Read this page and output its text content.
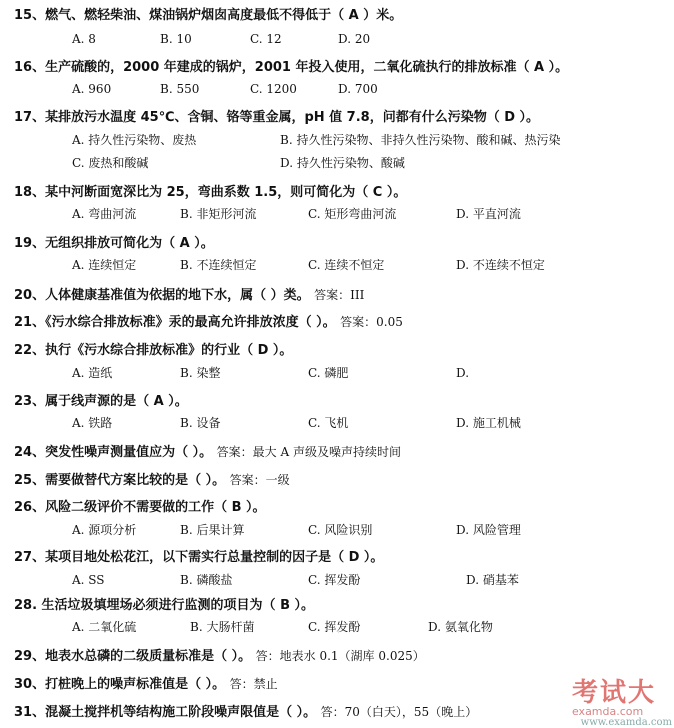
15、燃气、燃轻柴油、煤油锅炉烟囱高度最低不得低于（ A ）米。
A. 8	B. 10	C. 12	D. 20
16、生产硫酸的，2000 年建成的锅炉，2001 年投入使用，二氧化硫执行的排放标准（ A ）。
A. 960	B. 550	C. 1200	D. 700
17、某排放污水温度 45℃、含铜、铬等重金属，pH 值 7.8，问都有什么污染物（ D ）。
A. 持久性污染物、废热	B. 持久性污染物、非持久性污染物、酸和碱、热污染
C. 废热和酸碱	D. 持久性污染物、酸碱
18、某中河断面宽深比为 25，弯曲系数 1.5，则可简化为（ C ）。
A. 弯曲河流	B. 非矩形河流	C. 矩形弯曲河流	D. 平直河流
19、无组织排放可简化为（ A ）。
A. 连续恒定	B. 不连续恒定	C. 连续不恒定	D. 不连续不恒定
20、人体健康基准值为依据的地下水，属（ ）类。 答案：III
21、《污水综合排放标准》汞的最高允许排放浓度（ ）。 答案：0.05
22、执行《污水综合排放标准》的行业（ D ）。
A. 造纸	B. 染整	C. 磷肥	D.
23、属于线声源的是（ A ）。
A. 铁路	B. 设备	C. 飞机	D. 施工机械
24、突发性噪声测量值应为（ ）。 答案：最大 A 声级及噪声持续时间
25、需要做替代方案比较的是（ ）。 答案：一级
26、风险二级评价不需要做的工作（ B ）。
A. 源项分析	B. 后果计算	C. 风险识别	D. 风险管理
27、某项目地处松花江，以下需实行总量控制的因子是（ D ）。
A. SS	B. 磷酸盐	C. 挥发酚	D. 硝基苯
28. 生活垃圾填埋场必须进行监测的项目为（ B ）。
A. 二氧化硫	B. 大肠杆菌	C. 挥发酚	D. 氨氧化物
29、地表水总磷的二级质量标准是（ ）。 答：地表水 0.1（湖库 0.025）
30、打桩晚上的噪声标准值是（ ）。 答：禁止
31、混凝土搅拌机等结构施工阶段噪声限值是（ ）。 答：70（白天），55（晚上）
考试大
examda.com
www.examda.com
